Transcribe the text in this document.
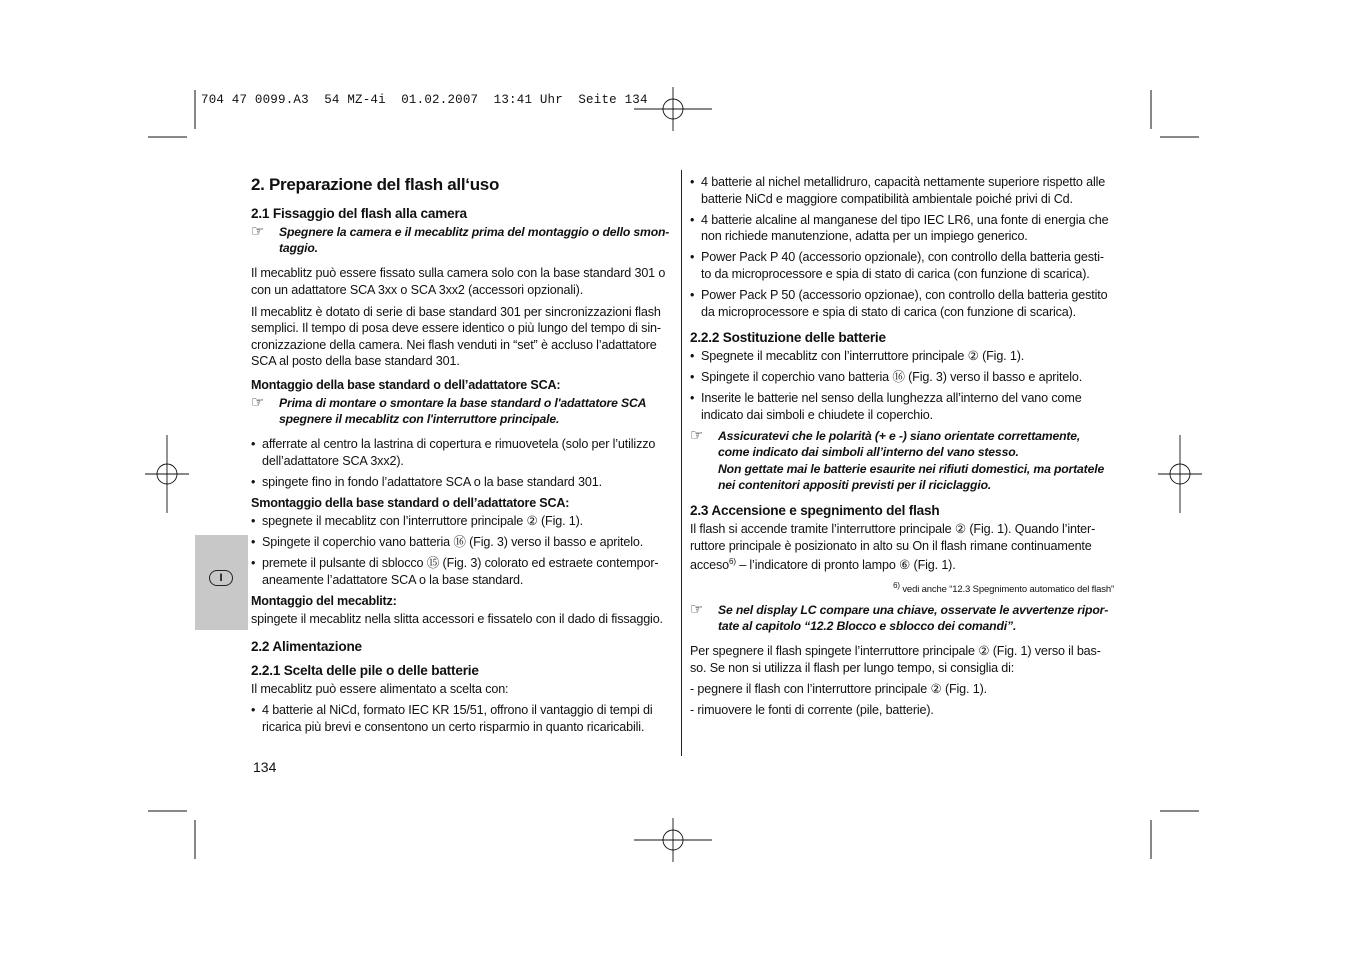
704 47 0099.A3  54 MZ-4i  01.02.2007  13:41 Uhr  Seite 134
I
2. Preparazione del flash all‘uso
2.1 Fissaggio del flash alla camera
☞	Spegnere la camera e il mecablitz prima del montaggio o dello smon-taggio.

Il mecablitz può essere fissato sulla camera solo con la base standard 301 o con un adattatore SCA 3xx o SCA 3xx2 (accessori opzionali).

Il mecablitz è dotato di serie di base standard 301 per sincronizzazioni flash semplici. Il tempo di posa deve essere identico o più lungo del tempo di sin-cronizzazione della camera. Nei flash venduti in “set” è accluso l’adattatore SCA al posto della base standard 301.

Montaggio della base standard o dell’adattatore SCA:
☞	Prima di montare o smontare la base standard o l'adattatore SCA spegnere il mecablitz con l'interruttore principale.
• afferrate al centro la lastrina di copertura e rimuovetela (solo per l’utilizzo dell’adattatore SCA 3xx2).
• spingete fino in fondo l’adattatore SCA o la base standard 301.
Smontaggio della base standard o dell’adattatore SCA:
• spegnete il mecablitz con l’interruttore principale ② (Fig. 1).
• Spingete il coperchio vano batteria ⑯ (Fig. 3) verso il basso e apritelo.
• premete il pulsante di sblocco ⑮ (Fig. 3) colorato ed estraete contempor-aneamente l’adattatore SCA o la base standard.
Montaggio del mecablitz:

spingete il mecablitz nella slitta accessori e fissatelo con il dado di fissaggio.

2.2 Alimentazione
2.2.1 Scelta delle pile o delle batterie

Il mecablitz può essere alimentato a scelta con:

• 4 batterie al NiCd, formato IEC KR 15/51, offrono il vantaggio di tempi di ricarica più brevi e consentono un certo risparmio in quanto ricaricabili.
• 4 batterie al nichel metallidruro, capacità nettamente superiore rispetto alle batterie NiCd e maggiore compatibilità ambientale poiché privi di Cd.
• 4 batterie alcaline al manganese del tipo IEC LR6, una fonte di energia che non richiede manutenzione, adatta per un impiego generico.
• Power Pack P 40 (accessorio opzionale), con controllo della batteria gesti-to da microprocessore e spia di stato di carica (con funzione di scarica).
• Power Pack P 50 (accessorio opzionae), con controllo della batteria gestito da microprocessore e spia di stato di carica (con funzione di scarica).
2.2.2 Sostituzione delle batterie
• Spegnete il mecablitz con l’interruttore principale ② (Fig. 1).
• Spingete il coperchio vano batteria ⑯ (Fig. 3) verso il basso e apritelo.
• Inserite le batterie nel senso della lunghezza all’interno del vano come indicato dai simboli e chiudete il coperchio.
☞	Assicuratevi che le polarità (+ e -) siano orientate correttamente, come indicato dai simboli all’interno del vano stesso.
Non gettate mai le batterie esaurite nei rifiuti domestici, ma portatele nei contenitori appositi previsti per il riciclaggio.
2.3 Accensione e spegnimento del flash

Il flash si accende tramite l’interruttore principale ② (Fig. 1). Quando l’inter-ruttore principale è posizionato in alto su On il flash rimane continuamente acceso$^{6)}$ – l’indicatore di pronto lampo ⑥ (Fig. 1).

$^{6)}$ vedi anche “12.3 Spegnimento automatico del flash”
☞	Se nel display LC compare una chiave, osservate le avvertenze ripor-tate al capitolo “12.2 Blocco e sblocco dei comandi”.

Per spegnere il flash spingete l’interruttore principale ② (Fig. 1) verso il bas-so. Se non si utilizza il flash per lungo tempo, si consiglia di:

- pegnere il flash con l’interruttore principale ② (Fig. 1).
- rimuovere le fonti di corrente (pile, batterie).
134
